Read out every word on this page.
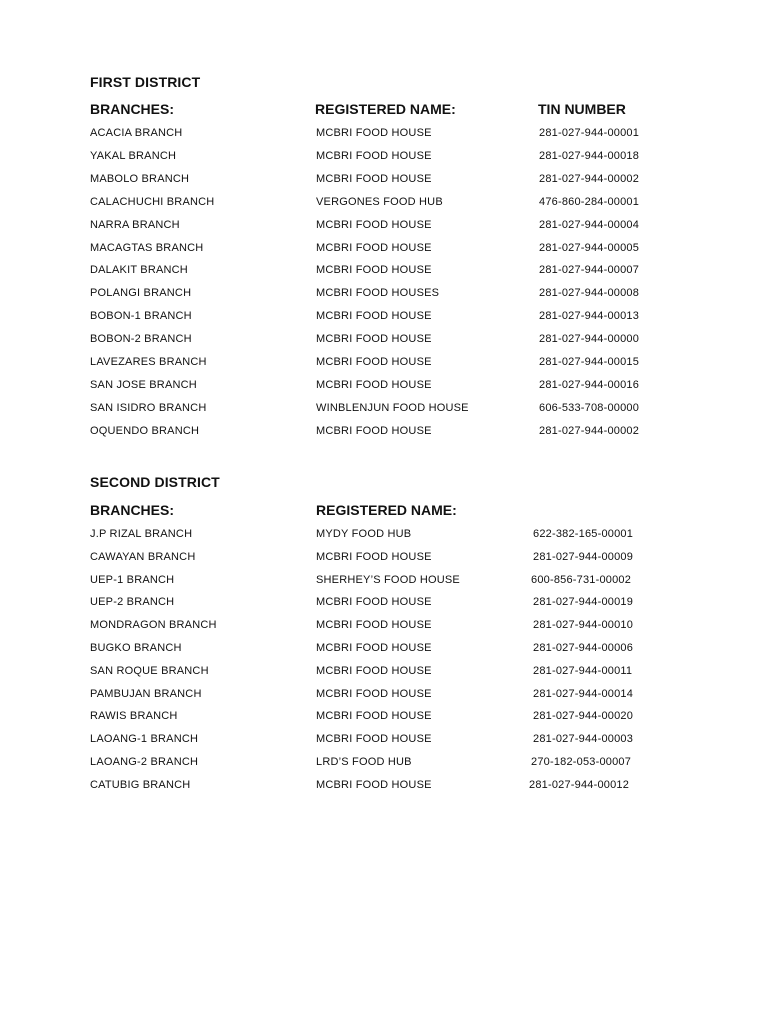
FIRST DISTRICT
BRANCHES:	REGISTERED NAME:	TIN NUMBER
ACACIA BRANCH	MCBRI FOOD HOUSE	281-027-944-00001
YAKAL BRANCH	MCBRI FOOD HOUSE	281-027-944-00018
MABOLO BRANCH	MCBRI FOOD HOUSE	281-027-944-00002
CALACHUCHI BRANCH	VERGONES FOOD HUB	476-860-284-00001
NARRA BRANCH	MCBRI FOOD HOUSE	281-027-944-00004
MACAGTAS BRANCH	MCBRI FOOD HOUSE	281-027-944-00005
DALAKIT BRANCH	MCBRI FOOD HOUSE	281-027-944-00007
POLANGI BRANCH	MCBRI FOOD HOUSES	281-027-944-00008
BOBON-1 BRANCH	MCBRI FOOD HOUSE	281-027-944-00013
BOBON-2 BRANCH	MCBRI FOOD HOUSE	281-027-944-00000
LAVEZARES BRANCH	MCBRI FOOD HOUSE	281-027-944-00015
SAN JOSE BRANCH	MCBRI FOOD HOUSE	281-027-944-00016
SAN ISIDRO BRANCH	WINBLENJUN FOOD HOUSE	606-533-708-00000
OQUENDO BRANCH	MCBRI FOOD HOUSE	281-027-944-00002
SECOND DISTRICT
BRANCHES:	REGISTERED NAME:
J.P RIZAL BRANCH	MYDY FOOD HUB	622-382-165-00001
CAWAYAN BRANCH	MCBRI FOOD HOUSE	281-027-944-00009
UEP-1 BRANCH	SHERHEY’S FOOD HOUSE	600-856-731-00002
UEP-2 BRANCH	MCBRI FOOD HOUSE	281-027-944-00019
MONDRAGON BRANCH	MCBRI FOOD HOUSE	281-027-944-00010
BUGKO BRANCH	MCBRI FOOD HOUSE	281-027-944-00006
SAN ROQUE BRANCH	MCBRI FOOD HOUSE	281-027-944-00011
PAMBUJAN BRANCH	MCBRI FOOD HOUSE	281-027-944-00014
RAWIS BRANCH	MCBRI FOOD HOUSE	281-027-944-00020
LAOANG-1 BRANCH	MCBRI FOOD HOUSE	281-027-944-00003
LAOANG-2 BRANCH	LRD’S FOOD HUB	270-182-053-00007
CATUBIG BRANCH	MCBRI FOOD HOUSE	281-027-944-00012
